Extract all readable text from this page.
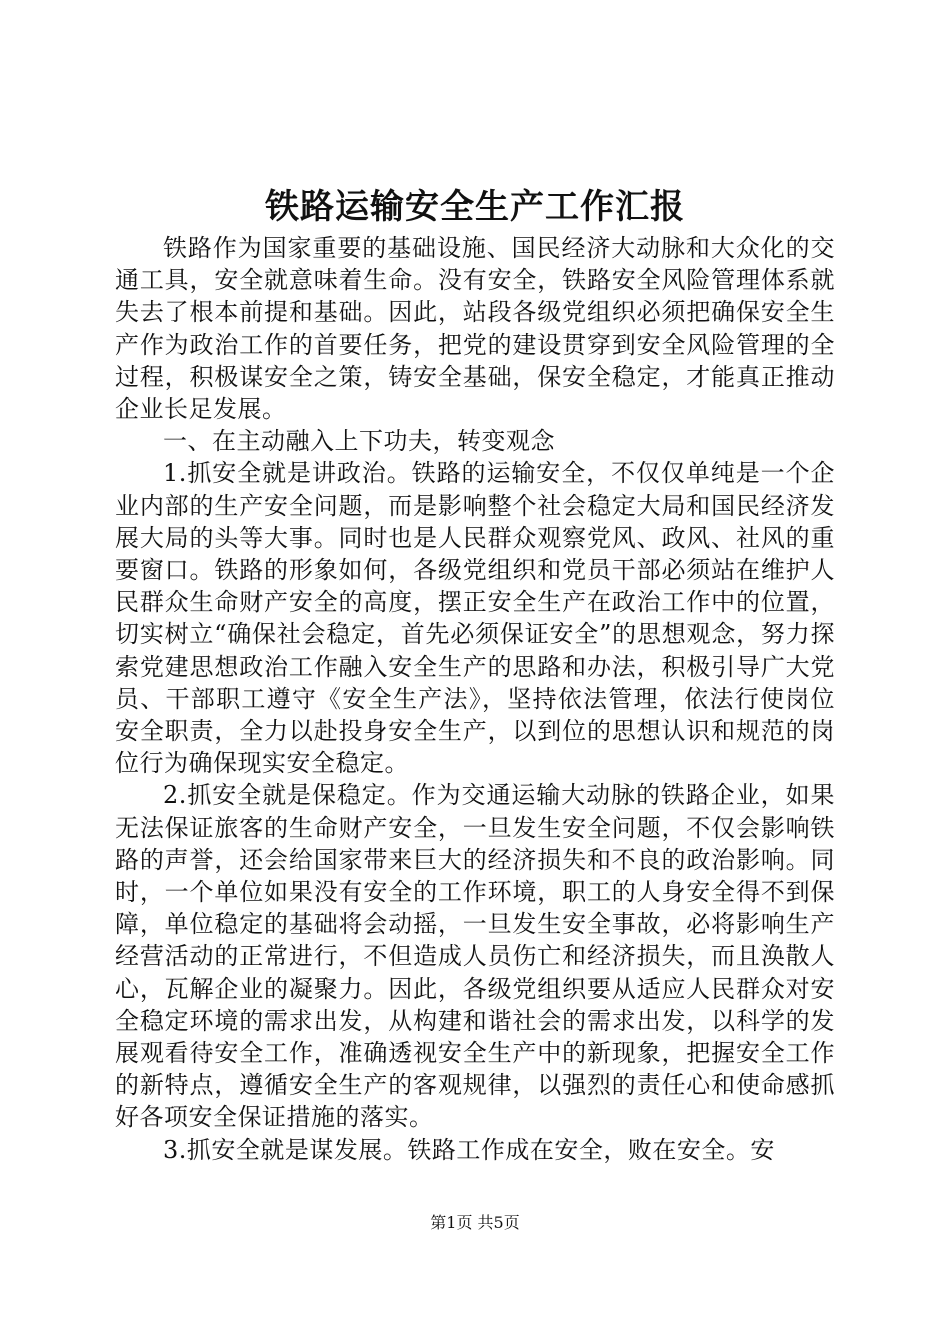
铁路运输安全生产工作汇报

铁路作为国家重要的基础设施、国民经济大动脉和大众化的交通工具，安全就意味着生命。没有安全，铁路安全风险管理体系就失去了根本前提和基础。因此，站段各级党组织必须把确保安全生产作为政治工作的首要任务，把党的建设贯穿到安全风险管理的全过程，积极谋安全之策，铸安全基础，保安全稳定，才能真正推动企业长足发展。

一、在主动融入上下功夫，转变观念

1.抓安全就是讲政治。铁路的运输安全，不仅仅单纯是一个企业内部的生产安全问题，而是影响整个社会稳定大局和国民经济发展大局的头等大事。同时也是人民群众观察党风、政风、社风的重要窗口。铁路的形象如何，各级党组织和党员干部必须站在维护人民群众生命财产安全的高度，摆正安全生产在政治工作中的位置，切实树立“确保社会稳定，首先必须保证安全”的思想观念，努力探索党建思想政治工作融入安全生产的思路和办法，积极引导广大党员、干部职工遵守《安全生产法》，坚持依法管理，依法行使岗位安全职责，全力以赴投身安全生产，以到位的思想认识和规范的岗位行为确保现实安全稳定。

2.抓安全就是保稳定。作为交通运输大动脉的铁路企业，如果无法保证旅客的生命财产安全，一旦发生安全问题，不仅会影响铁路的声誉，还会给国家带来巨大的经济损失和不良的政治影响。同时，一个单位如果没有安全的工作环境，职工的人身安全得不到保障，单位稳定的基础将会动摇，一旦发生安全事故，必将影响生产经营活动的正常进行，不但造成人员伤亡和经济损失，而且涣散人心，瓦解企业的凝聚力。因此，各级党组织要从适应人民群众对安全稳定环境的需求出发，从构建和谐社会的需求出发，以科学的发展观看待安全工作，准确透视安全生产中的新现象，把握安全工作的新特点，遵循安全生产的客观规律，以强烈的责任心和使命感抓好各项安全保证措施的落实。

3.抓安全就是谋发展。铁路工作成在安全，败在安全。安

第1页 共5页
